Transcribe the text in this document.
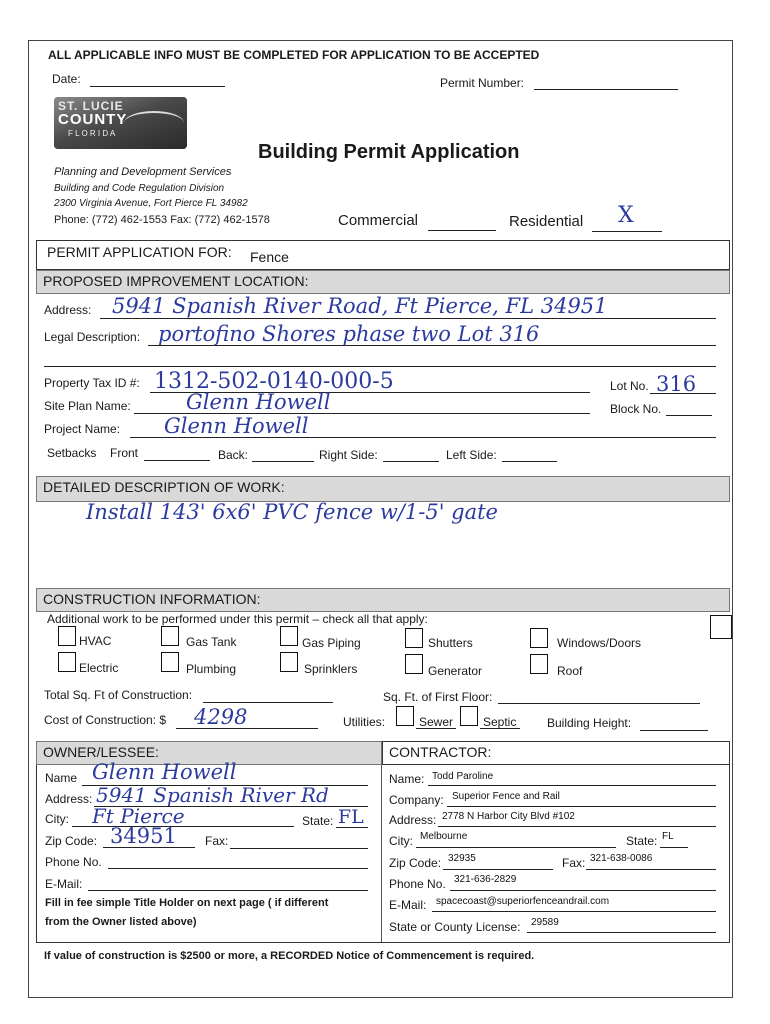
ALL APPLICABLE INFO MUST BE COMPLETED FOR APPLICATION TO BE ACCEPTED
Date:	Permit Number:
ST. LUCIE
COUNTY
F L O R I D A
Building Permit Application
Planning and Development Services
Building and Code Regulation Division
2300 Virginia Avenue, Fort Pierce FL 34982
Phone: (772) 462-1553 Fax: (772) 462-1578	Commercial	Residential X
PERMIT APPLICATION FOR: Fence
PROPOSED IMPROVEMENT LOCATION:
Address: 5941 Spanish River Road, Ft Pierce, FL 34951
Legal Description: portofino Shores phase two Lot 316
Property Tax ID #: 1312-502-0140-000-5	Lot No. 316
Site Plan Name:	Glenn Howell	Block No.
Project Name: Glenn Howell
Setbacks Front	Back:	Right Side:	Left Side:
DETAILED DESCRIPTION OF WORK:
Install 143' 6x6' PVC fence w/1-5' gate
CONSTRUCTION INFORMATION:
Additional work to be performed under this permit – check all that apply:
HVAC	Gas Tank	Gas Piping	Shutters	Windows/Doors
Electric	Plumbing	Sprinklers	Generator	Roof
Total Sq. Ft of Construction:	Sq. Ft. of First Floor:
Cost of Construction: $ 4298	Utilities:	Sewer Septic	Building Height:
OWNER/LESSEE:	CONTRACTOR:
Name Glenn Howell
Address: 5941 Spanish River Rd
City: Ft Pierce	State: FL
Zip Code: 34951 Fax:
Phone No.
E-Mail:
Fill in fee simple Title Holder on next page ( if different
from the Owner listed above)
Name: Todd Paroline
Company: Superior Fence and Rail
Address: 2778 N Harbor City Blvd #102
City: Melbourne	State: FL
Zip Code: 32935	Fax: 321-638-0086
Phone No. 321-636-2829
E-Mail: spacecoast@superiorfenceandrail.com
State or County License: 29589
If value of construction is $2500 or more, a RECORDED Notice of Commencement is required.
